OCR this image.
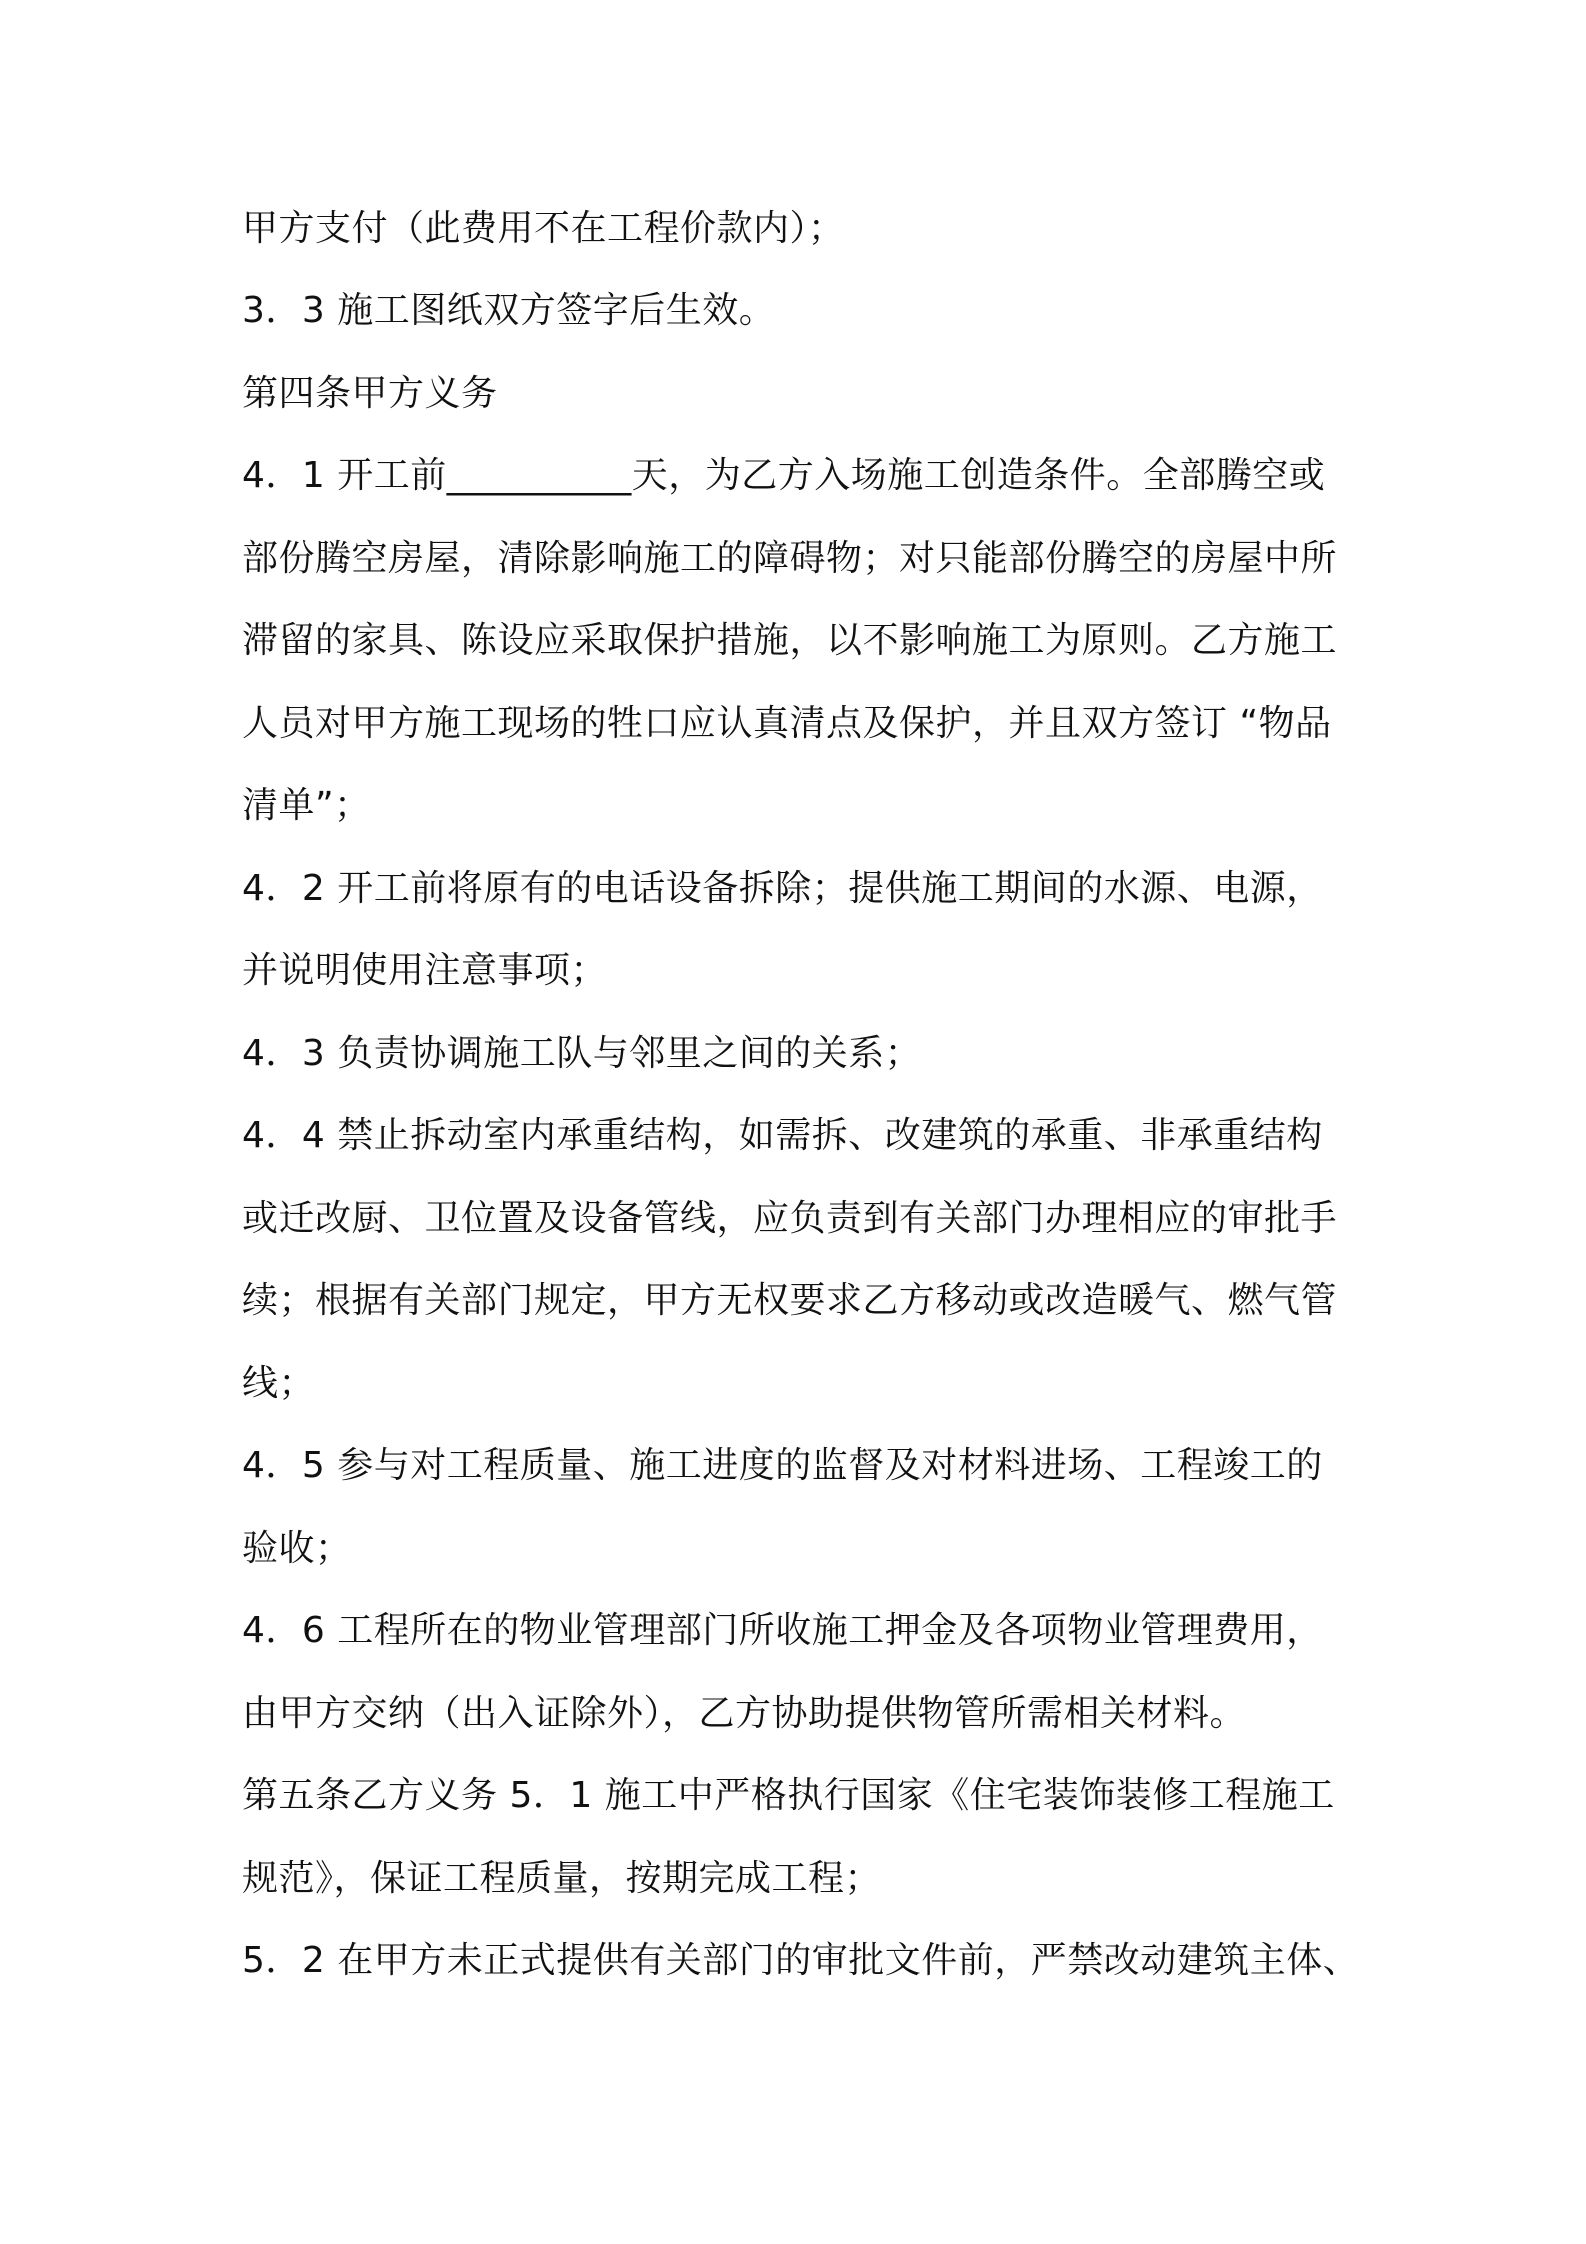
甲方支付（此费用不在工程价款内）；
3．3 施工图纸双方签字后生效。
第四条甲方义务
4．1 开工前__________天，为乙方入场施工创造条件。全部腾空或
部份腾空房屋，清除影响施工的障碍物；对只能部份腾空的房屋中所
滞留的家具、陈设应采取保护措施，以不影响施工为原则。乙方施工
人员对甲方施工现场的牲口应认真清点及保护，并且双方签订 “物品
清单”；
4．2 开工前将原有的电话设备拆除；提供施工期间的水源、电源，
并说明使用注意事项；
4．3 负责协调施工队与邻里之间的关系；
4．4 禁止拆动室内承重结构，如需拆、改建筑的承重、非承重结构
或迁改厨、卫位置及设备管线，应负责到有关部门办理相应的审批手
续；根据有关部门规定，甲方无权要求乙方移动或改造暖气、燃气管
线；
4．5 参与对工程质量、施工进度的监督及对材料进场、工程竣工的
验收；
4．6 工程所在的物业管理部门所收施工押金及各项物业管理费用，
由甲方交纳（出入证除外），乙方协助提供物管所需相关材料。
第五条乙方义务 5．1 施工中严格执行国家《住宅装饰装修工程施工
规范》，保证工程质量，按期完成工程；
5．2 在甲方未正式提供有关部门的审批文件前，严禁改动建筑主体、
